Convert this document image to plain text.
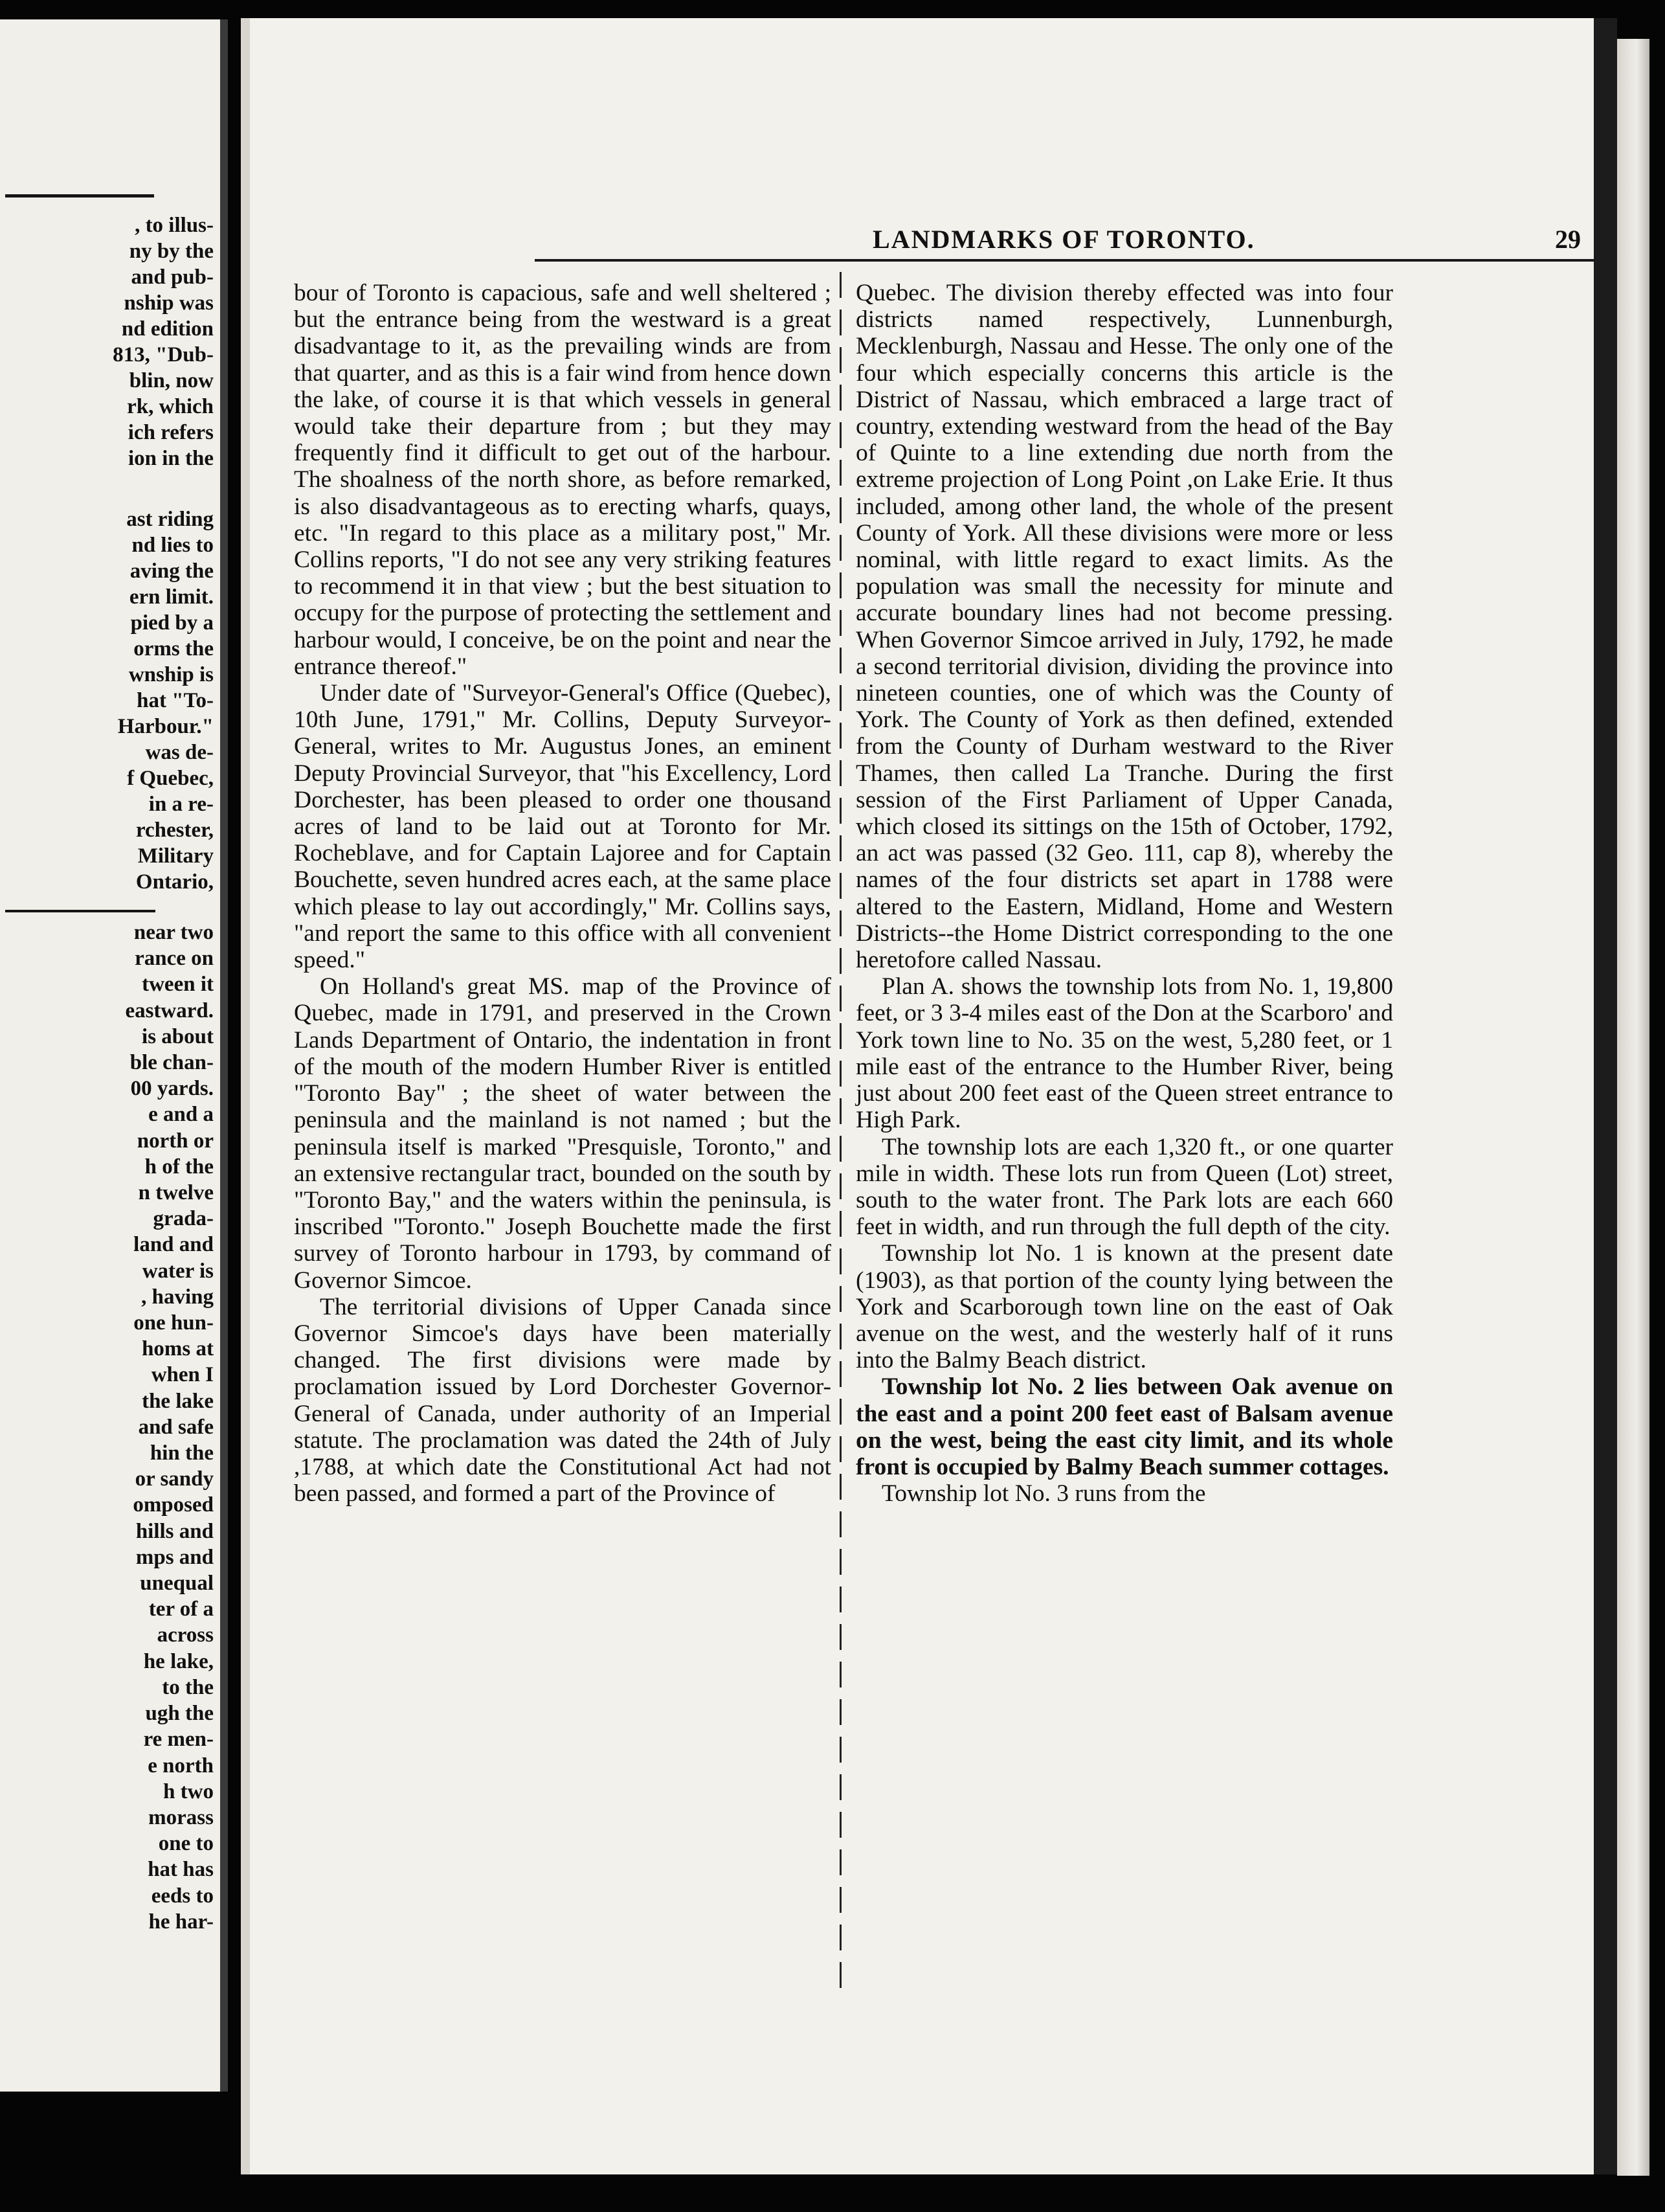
, to illus-
ny by the
and pub-
nship was
nd edition
813, "Dub-
blin, now
rk, which
ich refers
ion in the
ast riding
nd lies to
aving the
ern limit.
pied by a
orms the
wnship is
hat "To-
Harbour."
was de-
f Quebec,
in a re-
rchester,
Military
Ontario,
near two
rance on
tween it
eastward.
is about
ble chan-
00 yards.
e and a
north or
h of the
n twelve
grada-
land and
water is
, having
one hun-
homs at
when I
the lake
and safe
hin the
or sandy
omposed
hills and
mps and
unequal
ter of a
across
he lake,
to the
ugh the
re men-
e north
h two
morass
one to
hat has
eeds to
he har-
LANDMARKS OF TORONTO.	29

bour of Toronto is capacious, safe and well sheltered ; but the entrance being from the westward is a great disadvantage to it, as the prevailing winds are from that quarter, and as this is a fair wind from hence down the lake, of course it is that which vessels in general would take their departure from ; but they may frequently find it difficult to get out of the harbour. The shoalness of the north shore, as before remarked, is also disadvantageous as to erecting wharfs, quays, etc. "In regard to this place as a military post," Mr. Collins reports, "I do not see any very striking features to recommend it in that view ; but the best situation to occupy for the purpose of protecting the settlement and harbour would, I conceive, be on the point and near the entrance thereof."

Under date of "Surveyor-General's Office (Quebec), 10th June, 1791," Mr. Collins, Deputy Surveyor-General, writes to Mr. Augustus Jones, an eminent Deputy Provincial Surveyor, that "his Excellency, Lord Dorchester, has been pleased to order one thousand acres of land to be laid out at Toronto for Mr. Rocheblave, and for Captain Lajoree and for Captain Bouchette, seven hundred acres each, at the same place which please to lay out accordingly," Mr. Collins says, "and report the same to this office with all convenient speed."

On Holland's great MS. map of the Province of Quebec, made in 1791, and preserved in the Crown Lands Department of Ontario, the indentation in front of the mouth of the modern Humber River is entitled "Toronto Bay" ; the sheet of water between the peninsula and the mainland is not named ; but the peninsula itself is marked "Presquisle, Toronto," and an extensive rectangular tract, bounded on the south by "Toronto Bay," and the waters within the peninsula, is inscribed "Toronto." Joseph Bouchette made the first survey of Toronto harbour in 1793, by command of Governor Simcoe.

The territorial divisions of Upper Canada since Governor Simcoe's days have been materially changed. The first divisions were made by proclamation issued by Lord Dorchester Governor-General of Canada, under authority of an Imperial statute. The proclamation was dated the 24th of July ,1788, at which date the Constitutional Act had not been passed, and formed a part of the Province of

Quebec. The division thereby effected was into four districts named respectively, Lunnenburgh, Mecklenburgh, Nassau and Hesse. The only one of the four which especially concerns this article is the District of Nassau, which embraced a large tract of country, extending westward from the head of the Bay of Quinte to a line extending due north from the extreme projection of Long Point ,on Lake Erie. It thus included, among other land, the whole of the present County of York. All these divisions were more or less nominal, with little regard to exact limits. As the population was small the necessity for minute and accurate boundary lines had not become pressing. When Governor Simcoe arrived in July, 1792, he made a second territorial division, dividing the province into nineteen counties, one of which was the County of York. The County of York as then defined, extended from the County of Durham westward to the River Thames, then called La Tranche. During the first session of the First Parliament of Upper Canada, which closed its sittings on the 15th of October, 1792, an act was passed (32 Geo. 111, cap 8), whereby the names of the four districts set apart in 1788 were altered to the Eastern, Midland, Home and Western Districts--the Home District corresponding to the one heretofore called Nassau.

Plan A. shows the township lots from No. 1, 19,800 feet, or 3 3-4 miles east of the Don at the Scarboro' and York town line to No. 35 on the west, 5,280 feet, or 1 mile east of the entrance to the Humber River, being just about 200 feet east of the Queen street entrance to High Park.

The township lots are each 1,320 ft., or one quarter mile in width. These lots run from Queen (Lot) street, south to the water front. The Park lots are each 660 feet in width, and run through the full depth of the city.

Township lot No. 1 is known at the present date (1903), as that portion of the county lying between the York and Scarborough town line on the east of Oak avenue on the west, and the westerly half of it runs into the Balmy Beach district.

Township lot No. 2 lies between Oak avenue on the east and a point 200 feet east of Balsam avenue on the west, being the east city limit, and its whole front is occupied by Balmy Beach summer cottages.

Township lot No. 3 runs from the
